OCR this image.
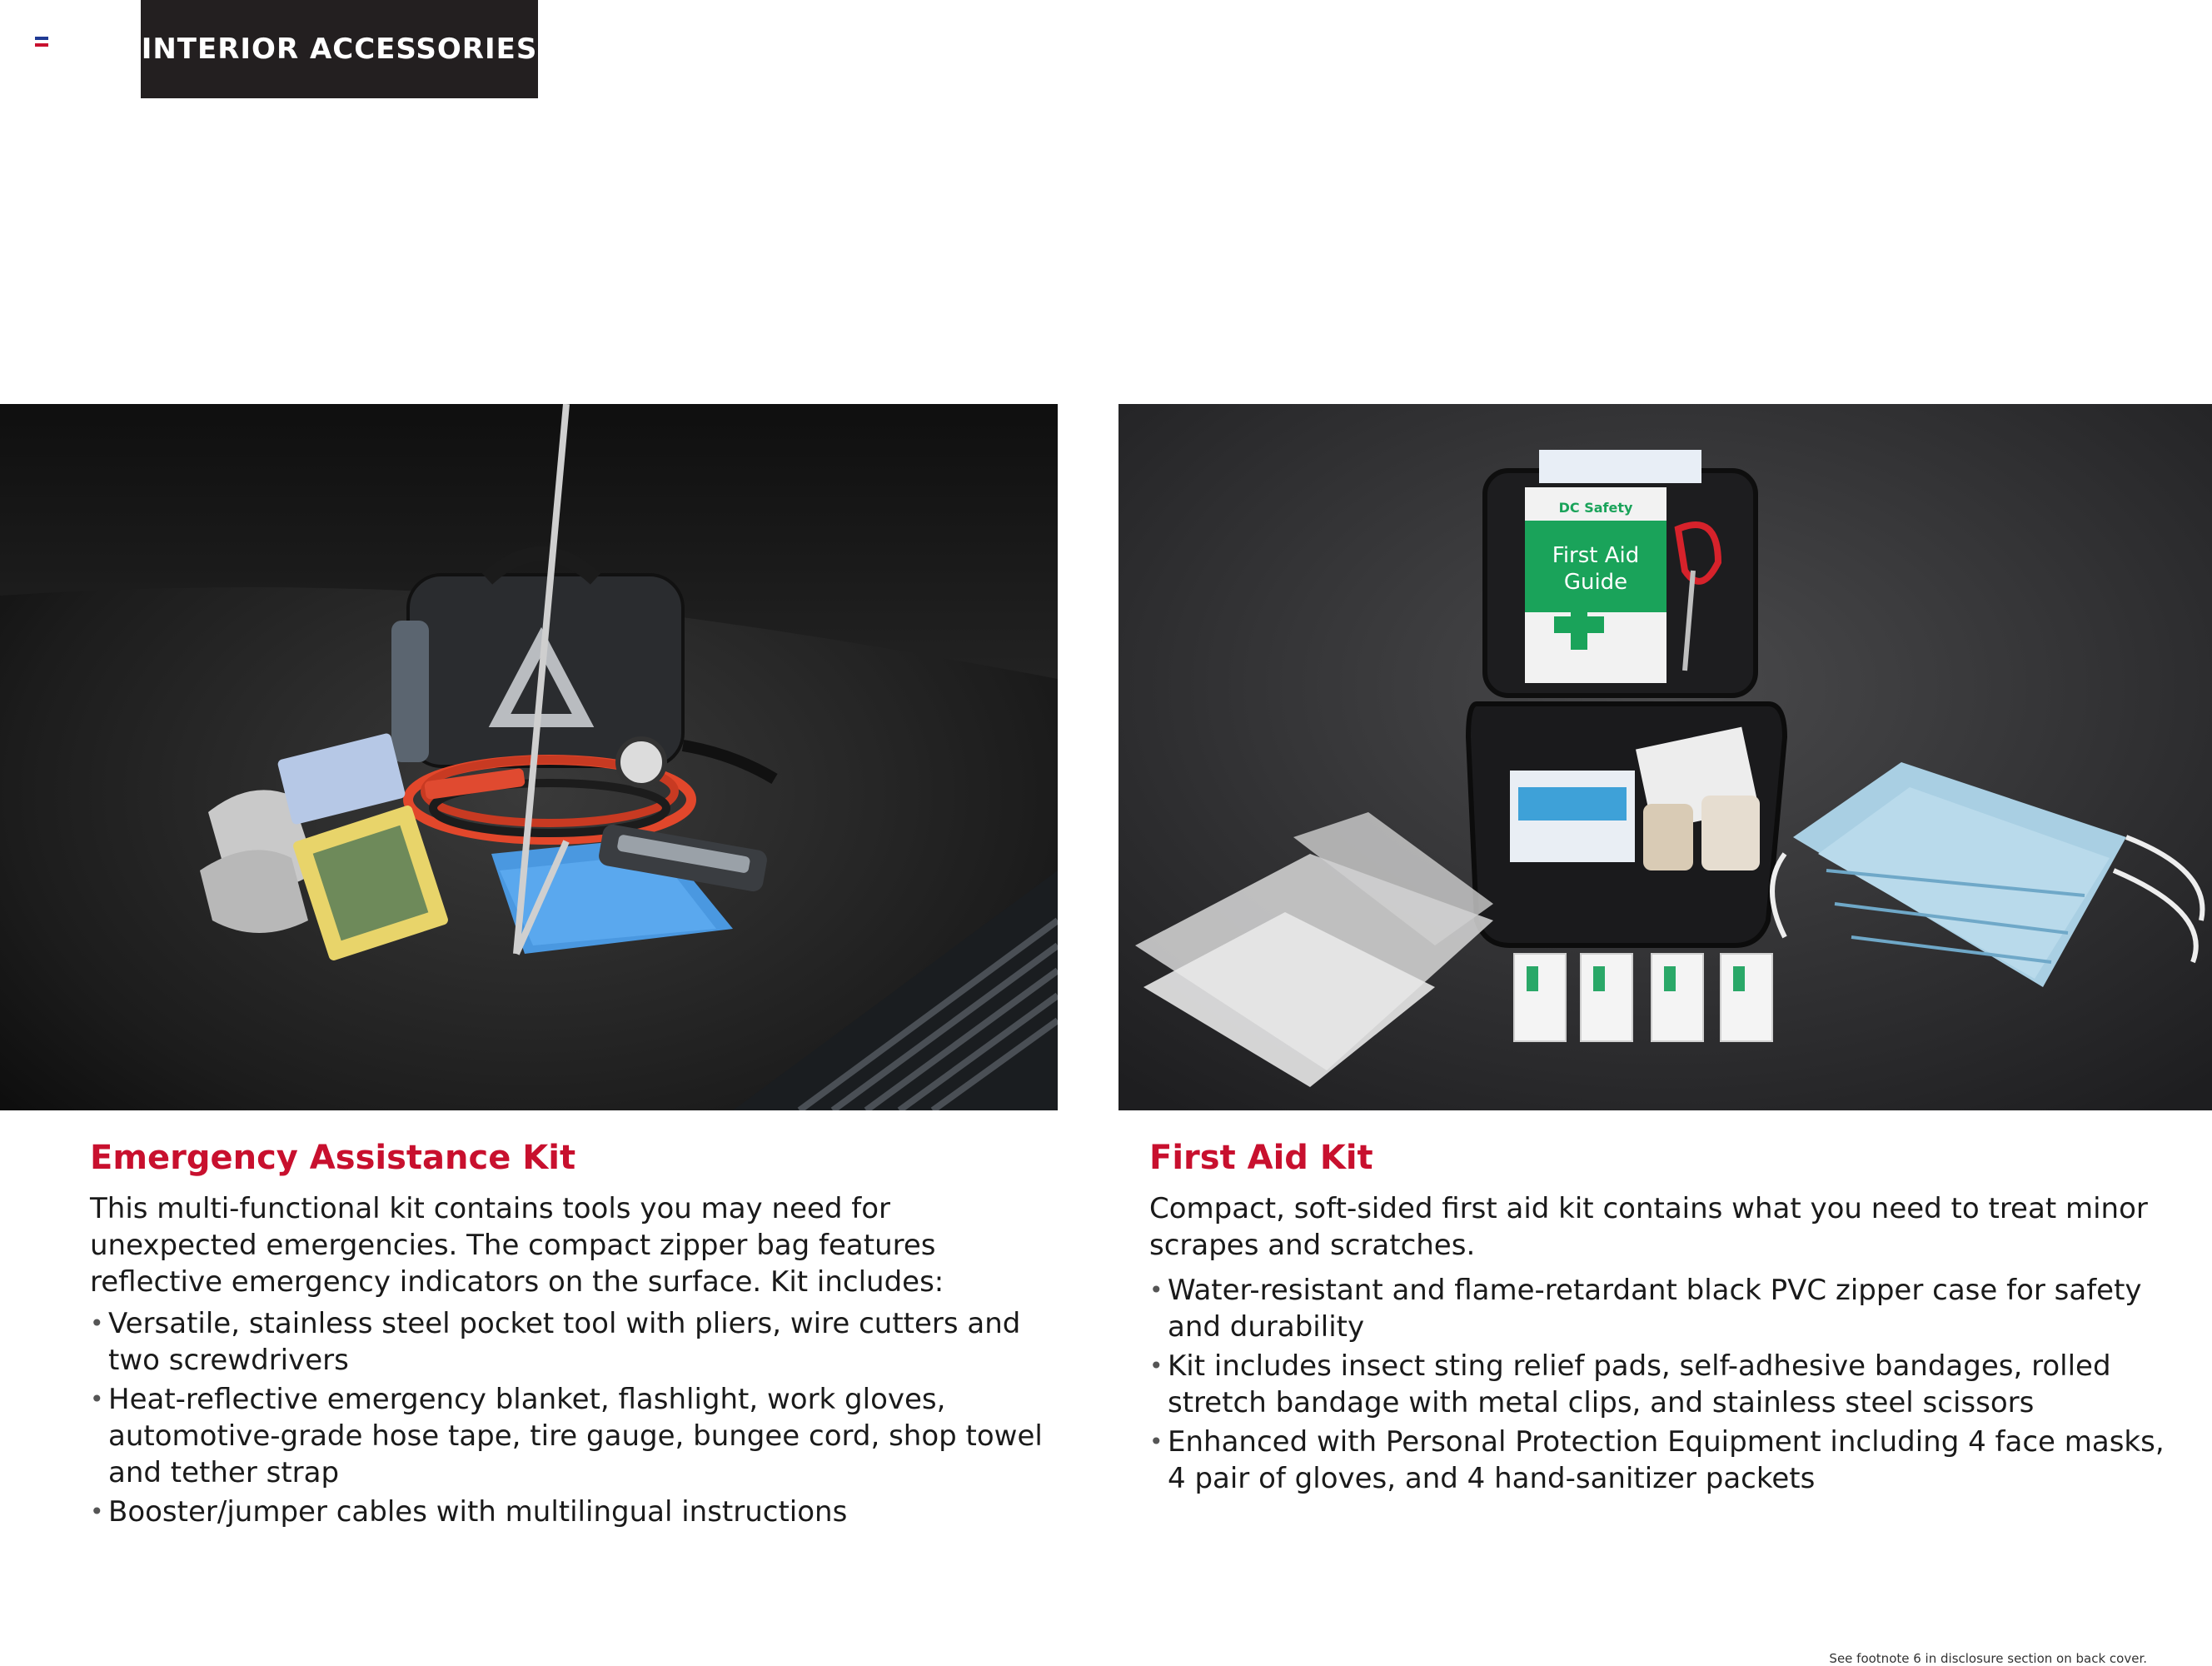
INTERIOR ACCESSORIES
DC Safety
First Aid
Guide
Emergency Assistance Kit

This multi-functional kit contains tools you may need for unexpected emergencies. The compact zipper bag features reflective emergency indicators on the surface. Kit includes:

• Versatile, stainless steel pocket tool with pliers, wire cutters and two screwdrivers
• Heat-reflective emergency blanket, flashlight, work gloves, automotive-grade hose tape, tire gauge, bungee cord, shop towel and tether strap
• Booster/jumper cables with multilingual instructions
First Aid Kit

Compact, soft-sided first aid kit contains what you need to treat minor scrapes and scratches.

• Water-resistant and flame-retardant black PVC zipper case for safety and durability
• Kit includes insect sting relief pads, self-adhesive bandages, rolled stretch bandage with metal clips, and stainless steel scissors
• Enhanced with Personal Protection Equipment including 4 face masks, 4 pair of gloves, and 4 hand-sanitizer packets
See footnote 6 in disclosure section on back cover.
